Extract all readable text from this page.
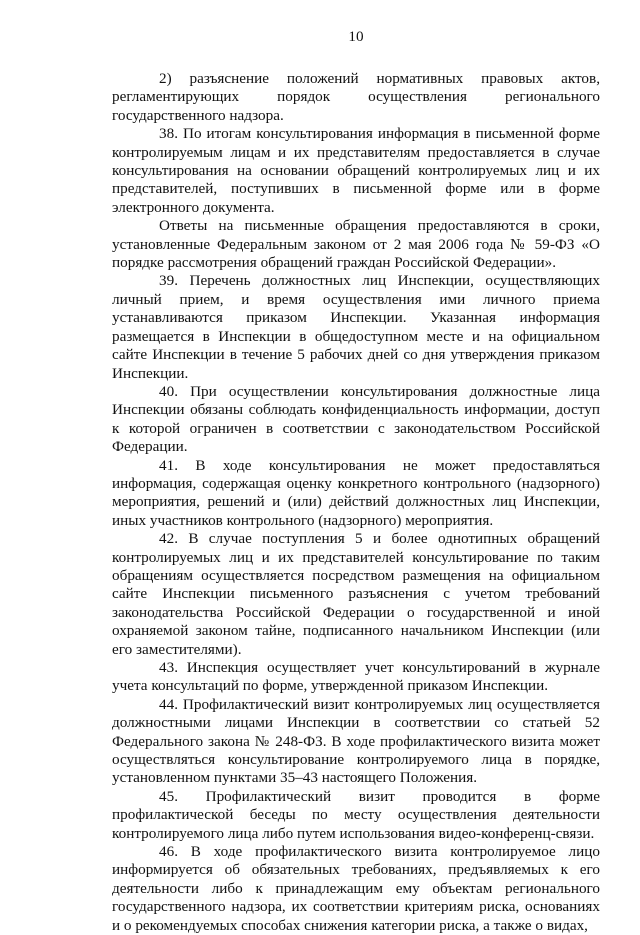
10

2) разъяснение положений нормативных правовых актов, регламентирующих порядок осуществления регионального государственного надзора.

38. По итогам консультирования информация в письменной форме контролируемым лицам и их представителям предоставляется в случае консультирования на основании обращений контролируемых лиц и их представителей, поступивших в письменной форме или в форме электронного документа.

Ответы на письменные обращения предоставляются в сроки, установленные Федеральным законом от 2 мая 2006 года № 59-ФЗ «О порядке рассмотрения обращений граждан Российской Федерации».

39. Перечень должностных лиц Инспекции, осуществляющих личный прием, и время осуществления ими личного приема устанавливаются приказом Инспекции. Указанная информация размещается в Инспекции в общедоступном месте и на официальном сайте Инспекции в течение 5 рабочих дней со дня утверждения приказом Инспекции.

40. При осуществлении консультирования должностные лица Инспекции обязаны соблюдать конфиденциальность информации, доступ к которой ограничен в соответствии с законодательством Российской Федерации.

41. В ходе консультирования не может предоставляться информация, содержащая оценку конкретного контрольного (надзорного) мероприятия, решений и (или) действий должностных лиц Инспекции, иных участников контрольного (надзорного) мероприятия.

42. В случае поступления 5 и более однотипных обращений контролируемых лиц и их представителей консультирование по таким обращениям осуществляется посредством размещения на официальном сайте Инспекции письменного разъяснения с учетом требований законодательства Российской Федерации о государственной и иной охраняемой законом тайне, подписанного начальником Инспекции (или его заместителями).

43. Инспекция осуществляет учет консультирований в журнале учета консультаций по форме, утвержденной приказом Инспекции.

44. Профилактический визит контролируемых лиц осуществляется должностными лицами Инспекции в соответствии со статьей 52 Федерального закона № 248-ФЗ. В ходе профилактического визита может осуществляться консультирование контролируемого лица в порядке, установленном пунктами 35–43 настоящего Положения.

45. Профилактический визит проводится в форме профилактической беседы по месту осуществления деятельности контролируемого лица либо путем использования видео-конференц-связи.

46. В ходе профилактического визита контролируемое лицо информируется об обязательных требованиях, предъявляемых к его деятельности либо к принадлежащим ему объектам регионального государственного надзора, их соответствии критериям риска, основаниях и о рекомендуемых способах снижения категории риска, а также о видах,
